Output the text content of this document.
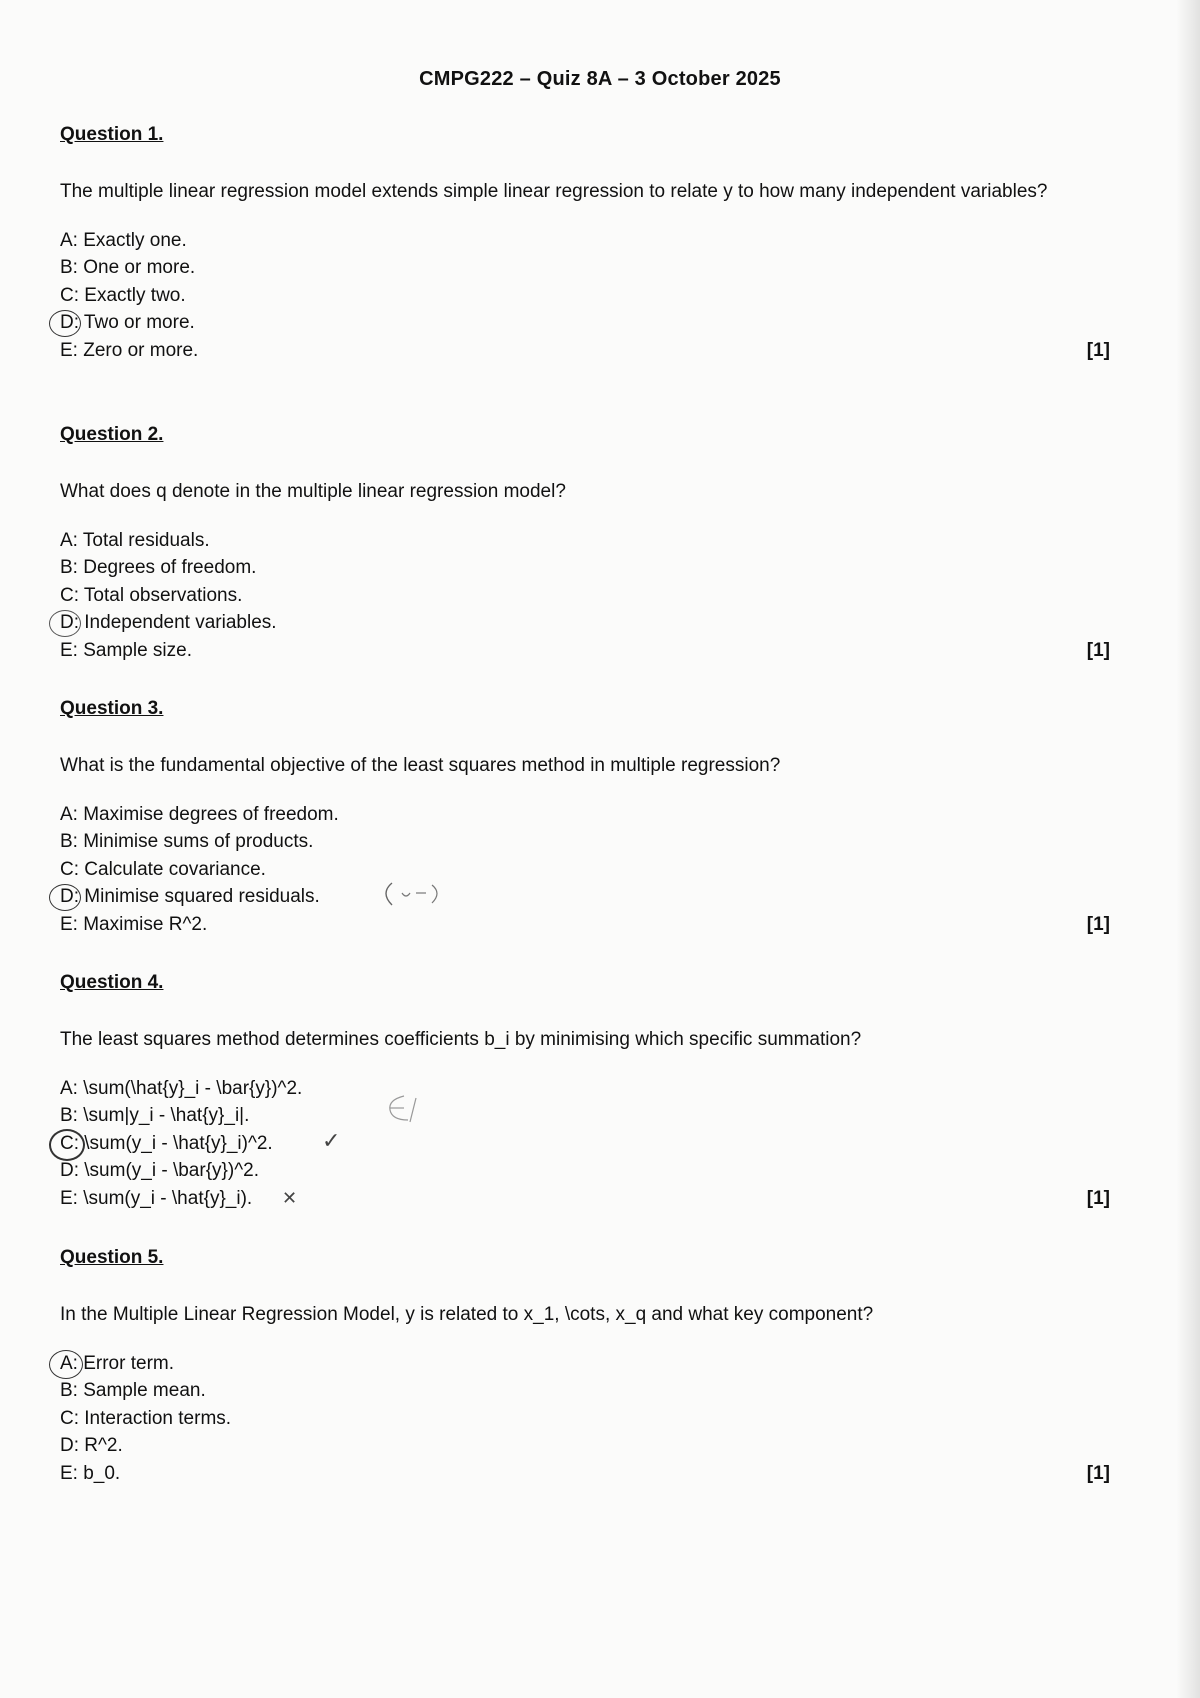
CMPG222 – Quiz 8A – 3 October 2025
Question 1.

The multiple linear regression model extends simple linear regression to relate y to how many independent variables?

A: Exactly one.
B: One or more.
C: Exactly two.
D: Two or more.
E: Zero or more.	[1]
Question 2.

What does q denote in the multiple linear regression model?

A: Total residuals.
B: Degrees of freedom.
C: Total observations.
D: Independent variables.
E: Sample size.	[1]
Question 3.

What is the fundamental objective of the least squares method in multiple regression?

A: Maximise degrees of freedom.
B: Minimise sums of products.
C: Calculate covariance.
D: Minimise squared residuals.
E: Maximise R^2.	[1]
Question 4.

The least squares method determines coefficients b_i by minimising which specific summation?

A: \sum(\hat{y}_i - \bar{y})^2.
B: \sum|y_i - \hat{y}_i|.
C: \sum(y_i - \hat{y}_i)^2. ✓
D: \sum(y_i - \bar{y})^2.
E: \sum(y_i - \hat{y}_i). ✕	[1]
Question 5.

In the Multiple Linear Regression Model, y is related to x_1, \cots, x_q and what key component?

A: Error term.
B: Sample mean.
C: Interaction terms.
D: R^2.
E: b_0.	[1]
